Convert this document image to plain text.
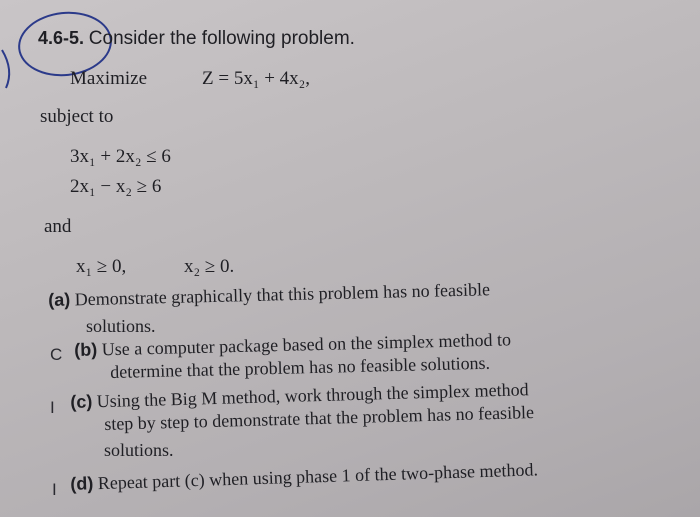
4.6-5. Consider the following problem.
Maximize	Z = 5x₁ + 4x₂,
subject to
3x₁ + 2x₂ ≤ 6
2x₁ − x₂ ≥ 6
and
x₁ ≥ 0,	x₂ ≥ 0.
(a) Demonstrate graphically that this problem has no feasible
solutions.
C (b) Use a computer package based on the simplex method to
determine that the problem has no feasible solutions.
I (c) Using the Big M method, work through the simplex method
step by step to demonstrate that the problem has no feasible
solutions.
I (d) Repeat part (c) when using phase 1 of the two-phase method.
